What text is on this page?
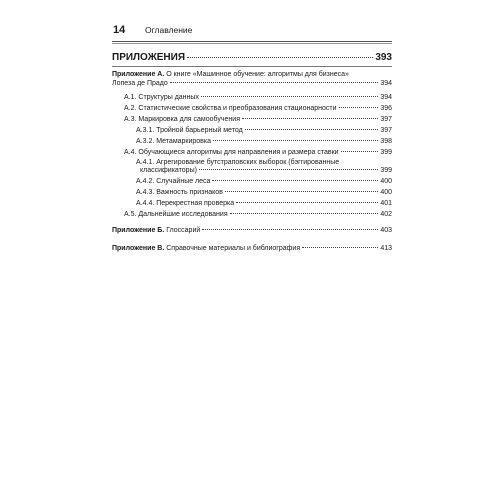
14 Оглавление
ПРИЛОЖЕНИЯ	393
Приложение А. О книге «Машинное обучение: алгоритмы для бизнеса»
Лопеза де Прадо	394
А.1. Структуры данных	394
А.2. Статистические свойства и преобразования стационарности	396
А.3. Маркировка для самообучения	397
А.3.1. Тройной барьерный метод	397
А.3.2. Метамаркировка	398
А.4. Обучающиеся алгоритмы для направления и размера ставки	399
А.4.1. Агрегирование бутстраповских выборок (бэггированные
классификаторы)	399
А.4.2. Случайные леса	400
А.4.3. Важность признаков	400
А.4.4. Перекрестная проверка	401
А.5. Дальнейшие исследования	402
Приложение Б. Глоссарий	403
Приложение В. Справочные материалы и библиография	413
